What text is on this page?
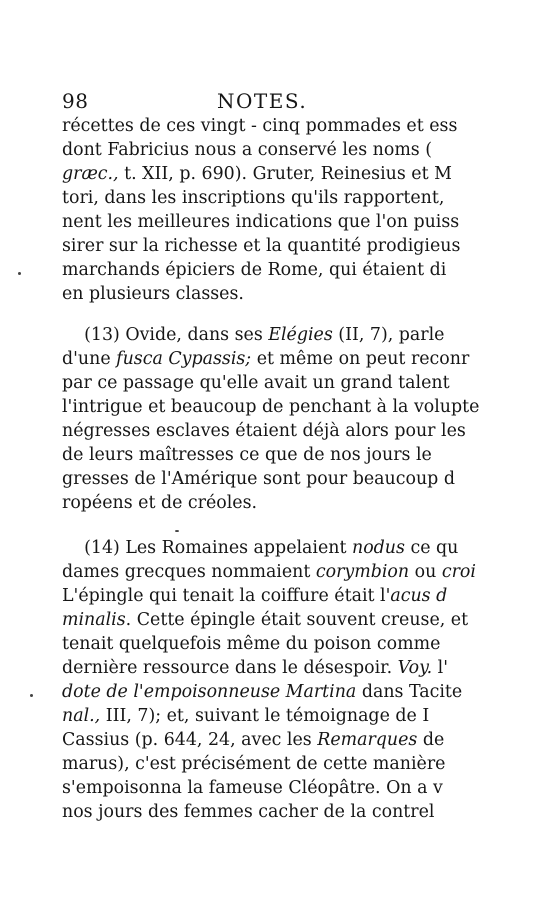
98	NOTES.
récettes de ces vingt - cinq pommades et ess
dont Fabricius nous a conservé les noms (
græc., t. XII, p. 690). Gruter, Reinesius et M
tori, dans les inscriptions qu'ils rapportent,
nent les meilleures indications que l'on puiss
sirer sur la richesse et la quantité prodigieus
marchands épiciers de Rome, qui étaient di
en plusieurs classes.
(13) Ovide, dans ses Elégies (II, 7), parle
d'une fusca Cypassis; et même on peut reconr
par ce passage qu'elle avait un grand talent
l'intrigue et beaucoup de penchant à la volupte
négresses esclaves étaient déjà alors pour les
de leurs maîtresses ce que de nos jours le
gresses de l'Amérique sont pour beaucoup d
ropéens et de créoles.
(14) Les Romaines appelaient nodus ce qu
dames grecques nommaient corymbion ou croi
L'épingle qui tenait la coiffure était l'acus d
minalis. Cette épingle était souvent creuse, et
tenait quelquefois même du poison comme
dernière ressource dans le désespoir. Voy. l'
dote de l'empoisonneuse Martina dans Tacite
nal., III, 7); et, suivant le témoignage de I
Cassius (p. 644, 24, avec les Remarques de
marus), c'est précisément de cette manière
s'empoisonna la fameuse Cléopâtre. On a v
nos jours des femmes cacher de la contrel
